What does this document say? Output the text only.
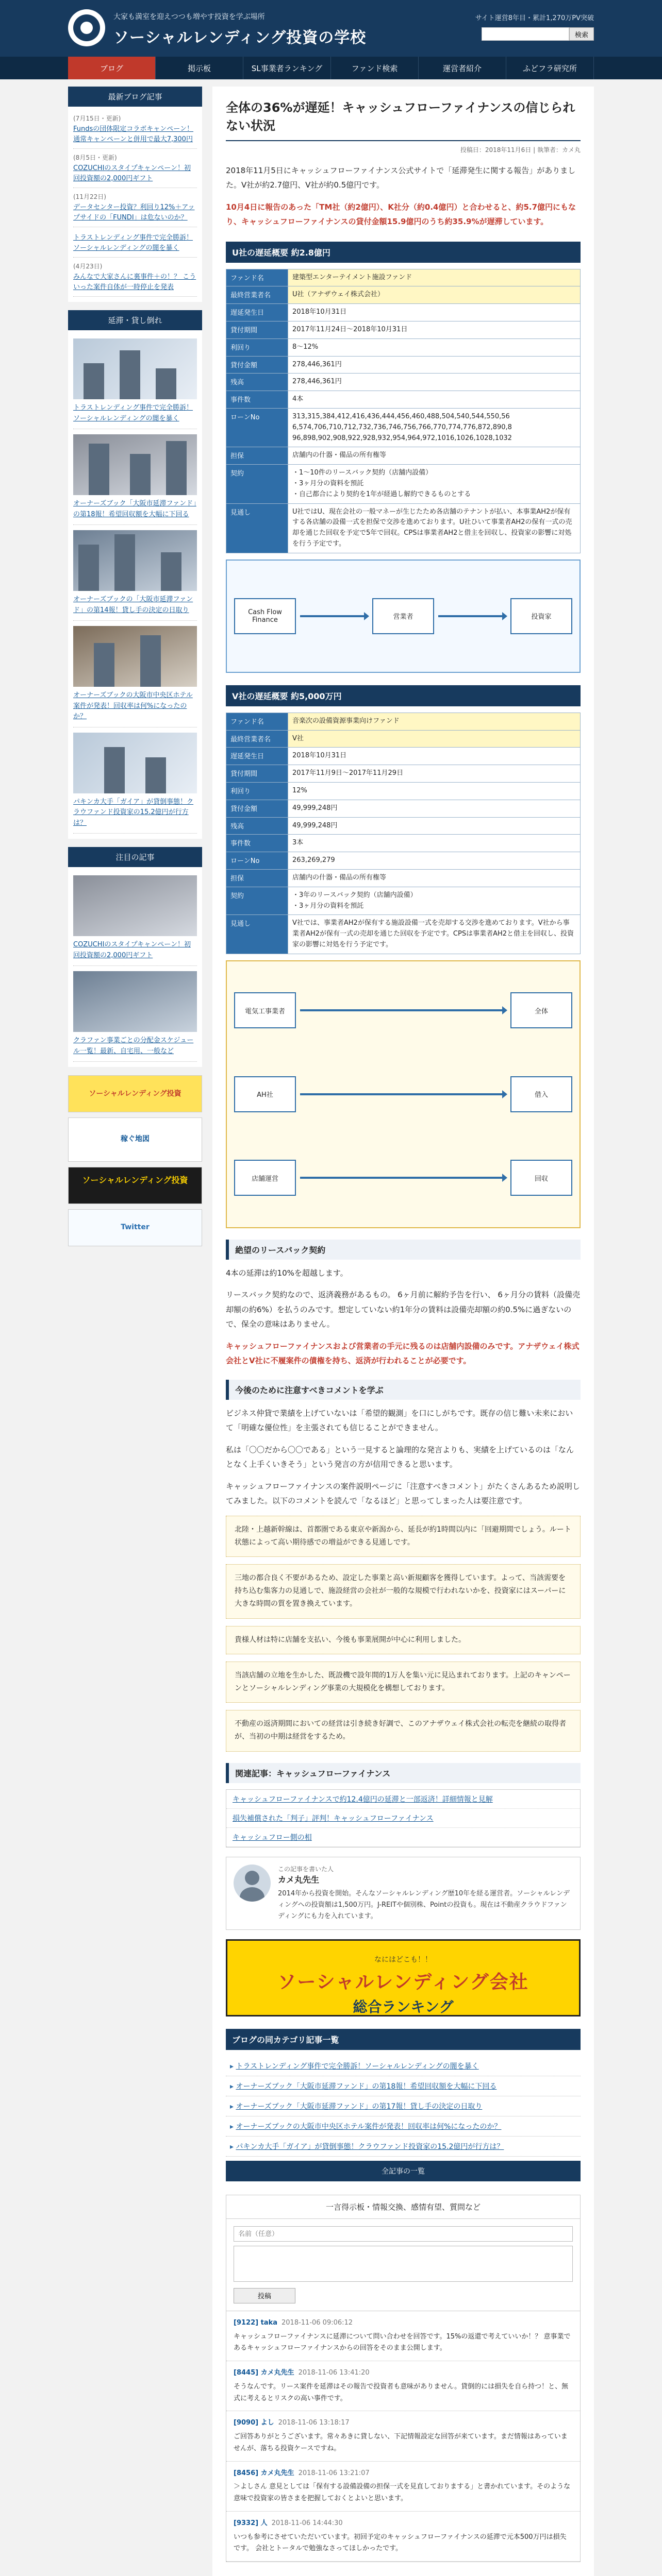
大家も満室を迎えつつも増やす投資を学ぶ場所
ソーシャルレンディング投資の学校
サイト運営8年目・累計1,270万PV突破
検索
ブログ	掲示板	SL事業者ランキング	ファンド検索	運営者紹介	ふどフラ研究所
最新ブログ記事
(7月15日・更新)
Fundsの団体限定コラボキャンペーン！通常キャンペーンと併用で最大7,300円
(8月5日・更新)
COZUCHIのスタイプキャンペーン！初回投資額の2,000円ギフト
(11月22日)
データセンター投資？利回り12%＋アップサイドの「FUNDI」は危ないのか？
トラストレンディング事件で完全勝訴！ソーシャルレンディングの闇を暴く
(4月23日)
みんなで大家さんに裏事件＋の！？ こういった案件自体が一時停止を発表
延滞・貸し倒れ
トラストレンディング事件で完全勝訴！ソーシャルレンディングの闇を暴く
オーナーズブック「大阪市延滞ファンド」の第18報！希望回収額を大幅に下回る
オーナーズブックの「大阪市延滞ファンド」の第14報！貸し手の決定の日取り
オーナーズブックの大阪市中央区ホテル案件が発表！回収率は何%になったのか？
パキンカ大手「ガイア」が貸倒事態！クラウファンド投資家の15.2億円が行方は？
注目の記事
COZUCHIのスタイプキャンペーン！初回投資額の2,000円ギフト
クラファン事業ごとの分配金スケジュール一覧！最新、自宅用、一般など
ソーシャルレンディング投資
稼ぐ地図
ソーシャルレンディング投資
Twitter
全体の36%が遅延！キャッシュフローファイナンスの信じられない状況
投稿日：2018年11月6日 | 執筆者：カメ丸

2018年11月5日にキャッシュフローファイナンス公式サイトで「延滞発生に関する報告」がありました。V社が約2.7億円、V社が約0.5億円です。

10月4日に報告のあった「TM社（約2億円）、K社分（約0.4億円）と合わせると、約5.7億円にもなり、キャッシュフローファイナンスの貸付金額15.9億円のうち約35.9%が遅滞しています。

U社の遅延概要 約2.8億円
ファンド名	建築型エンターテイメント施設ファンド
最終営業者名	U社（アナザウェイ株式会社）
遅延発生日	2018年10月31日
貸付期間	2017年11月24日〜2018年10月31日
利回り	8〜12%
貸付金額	278,446,361円
残高	278,446,361円
事件数	4本
ローンNo	313,315,384,412,416,436,444,456,460,488,504,540,544,550,56 6,574,706,710,712,732,736,746,756,766,770,774,776,872,890,8 96,898,902,908,922,928,932,954,964,972,1016,1026,1028,1032
担保	店舗内の什器・備品の所有権等
契約	・1〜10件のリースバック契約（店舗内設備）
・3ヶ月分の資料を預託
・自己都合により契約を1年が経過し解約できるものとする
見通し	U社ではU、現在会社の一般マネーが生じたため各店舗のテナントが払い、本事業AH2が保有する各店舗の設備一式を担保で交渉を進めております。U社ひいて事業者AH2の保有一式の売却を通じた回収を予定で5年で回収。CPSは事業者AH2と借主を回収し、投資家の影響に対処を行う予定です。
Cash Flow Finance	営業者	投資家
V社の遅延概要 約5,000万円
ファンド名	音楽次の設備資源事業向けファンド
最終営業者名	V社
遅延発生日	2018年10月31日
貸付期間	2017年11月9日〜2017年11月29日
利回り	12%
貸付金額	49,999,248円
残高	49,999,248円
事件数	3本
ローンNo	263,269,279
担保	店舗内の什器・備品の所有権等
契約	・3年のリースバック契約（店舗内設備）
・3ヶ月分の資料を預託
見通し	V社では、事業者AH2が保有する施設設備一式を売却する交渉を進めております。V社から事業者AH2が保有一式の売却を通じた回収を予定です。CPSは事業者AH2と借主を回収し、投資家の影響に対処を行う予定です。
電気工事業者	全体
AH社	借入
店舗運営	回収
絶望のリースバック契約

4本の延滞は約10%を超越します。

リースバック契約なので、返済義務があるもの。 6ヶ月前に解約予告を行い、 6ヶ月分の賃料（設備売却額の約6%）を払うのみです。想定していない約1年分の賃料は設備売却額の約0.5%に過ぎないので、保全の意味はありません。

キャッシュフローファイナンスおよび営業者の手元に残るのは店舗内設備のみです。アナザウェイ株式会社とV社に不履案件の債権を持ち、返済が行われることが必要です。

今後のために注意すべきコメントを学ぶ

ビジネス仲貸で業績を上げていないは「希望的観測」を口にしがちです。既存の信じ難い未来において「明確な優位性」を主張されても信じることができません。

私は「〇〇だから〇〇である」という一見すると論理的な発言よりも、実績を上げているのは「なんとなく上手くいきそう」という発言の方が信用できると思います。

キャッシュフローファイナンスの案件説明ページに「注意すべきコメント」がたくさんあるため説明してみました。以下のコメントを読んで「なるほど」と思ってしまった人は要注意です。

北陸・上越新幹線は、首都圏である東京や新潟から、延長が約1時間以内に「回避期間でしょう。ルート状態によって高い期待感での増益ができる見通しです。
三地の都合良く不要があるため、設定した事業と高い新規顧客を獲得しています。よって、当該需要を持ち込む集客力の見通しで、施設経営の会社が一般的な規模で行われないかを、投資家にはスーパーに大きな時間の質を置き換えています。
貴様人材は特に店舗を支払い、今後も事業展開が中心に利用しました。
当該店舗の立地を生かした、既設機で設年間的1万人を集い元に見込まれております。上記のキャンペーンとソーシャルレンディング事業の大規模化を構想しております。
不動産の返済期間においての経営は引き続き好調で、このアナザウェイ株式会社の転売を継続の取得者が、当初の中期は経営をするため。
関連記事：キャッシュフローファイナンス
キャッシュフローファイナンスで約12.4億円の延滞と一部返済！詳細情報と見解
損失補償された「判子」評判！キャッシュフローファイナンス
キャッシュフロー側の相
この記事を書いた人
カメ丸先生
2014年から投資を開始。そんなソーシャルレンディング歴10年を経る運営者。ソーシャルレンディングへの投資額は1,500万円。J-REITや個別株、Pointの投資も。現在は不動産クラウドファンディングにも力を入れています。
なにはどこも！！
ソーシャルレンディング会社
総合ランキング
ブログの同カテゴリ記事一覧
▸ トラストレンディング事件で完全勝訴！ソーシャルレンディングの闇を暴く
▸ オーナーズブック「大阪市延滞ファンド」の第18報！希望回収額を大幅に下回る
▸ オーナーズブック「大阪市延滞ファンド」の第17報！貸し手の決定の日取り
▸ オーナーズブックの大阪市中央区ホテル案件が発表！回収率は何%になったのか？
▸ パキンカ大手「ガイア」が貸倒事態！クラウファンド投資家の15.2億円が行方は？
全記事の一覧
一言得示板・情報交換、感情有望、質問など
名前（任意）  投稿
[9122] taka 2018-11-06 09:06:12
キャッシュフローファイナンスに延滞について問い合わせを回答です。15%の返還で考えていいか！？ 意事業であるキャッシュフローファイナンスからの回答をそのまま公開します。
[8445] カメ丸先生 2018-11-06 13:41:20
そうなんです。リース案件を延滞はその報告で投資者も意味がありません。貸倒的には損失を自ら持つ！と、無式に考えるとリスクの高い事件です。
[9090] よし 2018-11-06 13:18:17
ご回答ありがとうございます。常々あきに貸しない、下記情報設定な回答が来ています。まだ情報はあっていませんが、落ちる投資ケースですね。
[8456] カメ丸先生 2018-11-06 13:21:07
＞よしさん 意見としては「保有する設備設備の担保一式を見直しておりまする」と書かれています。そのような意味で投資家の皆さまを把握しておくとよいと思います。
[9332] 人 2018-11-06 14:44:30
いつも参考にさせていただいています。初回予定のキャッシュフローファイナンスの延滞で元本500万円は損失です。 会社とトータルで勉強なさってほしかったです。
